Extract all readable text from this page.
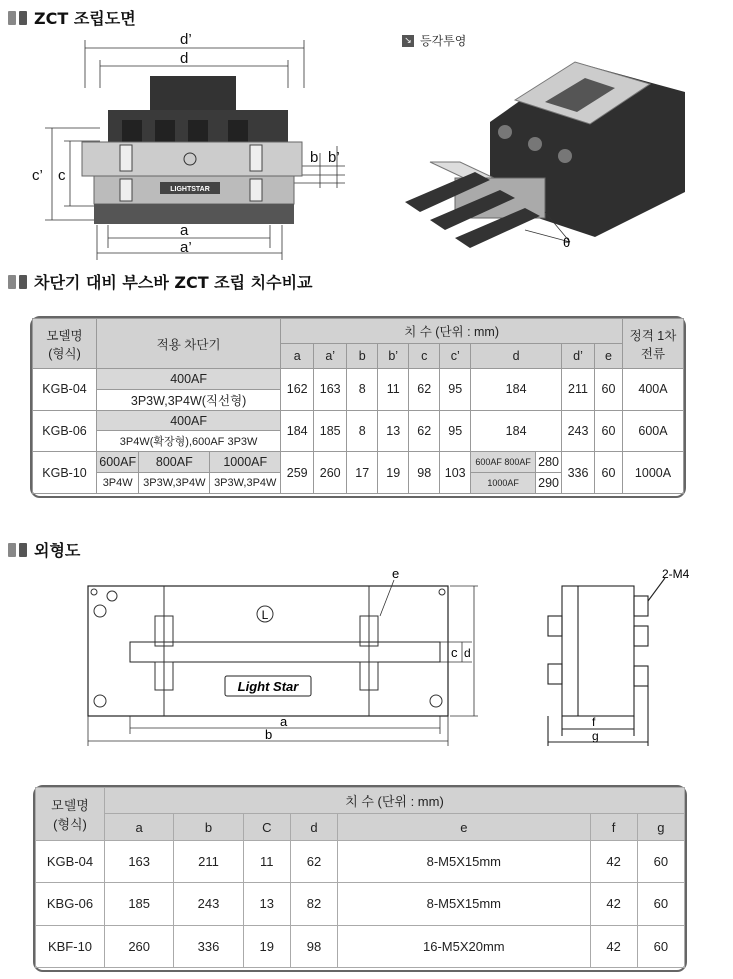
ZCT 조립도면
LIGHTSTAR
d’
d
c’ c
a
a’
b b’
↘ 등각투영
θ
차단기 대비 부스바 ZCT 조립 치수비교
모델명
(형식)	적용 차단기			치 수 (단위 : mm)										정격 1차
전류
				a	a’	b	b’	c	c’	d		d’	e	
KGB-04	400AF			162	163	8	11	62	95	184		211	60	400A
	3P3W,3P4W(직선형)													
KGB-06	400AF			184	185	8	13	62	95	184		243	60	600A
	3P4W(확장형),600AF 3P3W													
KGB-10	600AF	800AF	1000AF	259	260	17	19	98	103	600AF 800AF	280	336	60	1000A
	3P4W	3P3W,3P4W	3P3W,3P4W							1000AF	290			
외형도
L
Light Star
a
b
c d
e
f
g
2-M4
모델명
(형식)	치 수 (단위 : mm)						
	a	b	C	d	e	f	g
KGB-04	163	211	11	62	8-M5X15mm	42	60
KBG-06	185	243	13	82	8-M5X15mm	42	60
KBF-10	260	336	19	98	16-M5X20mm	42	60
